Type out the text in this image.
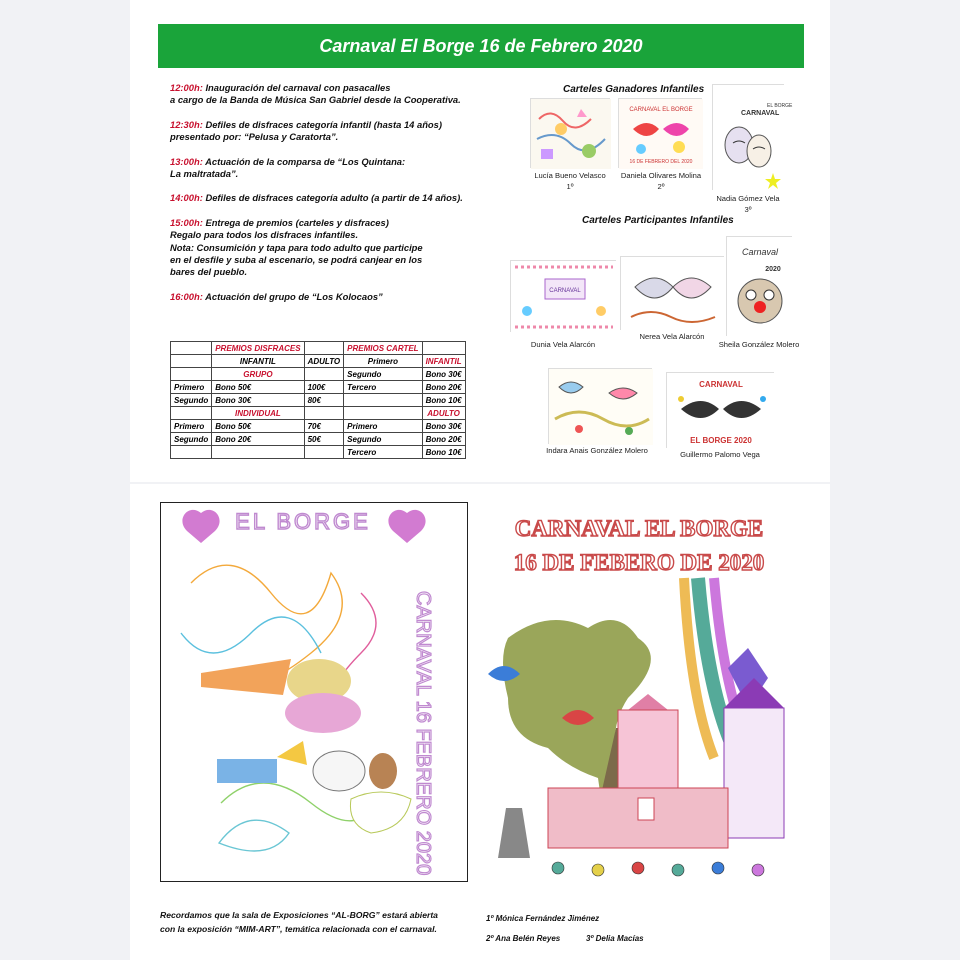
Carnaval El Borge 16 de Febrero 2020
12:00h: Inauguración del carnaval con pasacalles
a cargo de la Banda de Música San Gabriel desde la Cooperativa.
12:30h: Defiles de disfraces categoría infantil (hasta 14 años)
presentado por: “Pelusa y Caratorta”.
13:00h: Actuación de la comparsa de “Los Quintana:
La maltratada”.
14:00h: Defiles de disfraces categoría adulto (a partir de 14 años).
15:00h: Entrega de premios (carteles y disfraces)
Regalo para todos los disfraces infantiles.
Nota: Consumición y tapa para todo adulto que participe
en el desfile y suba al escenario, se podrá canjear en los
bares del pueblo.
16:00h: Actuación del grupo de “Los Kolocaos”
	PREMIOS DISFRACES		PREMIOS CARTEL	
	INFANTIL	ADULTO	Primero	INFANTIL
	GRUPO		Segundo	Bono 30€
Primero	Bono 50€	100€	Tercero	Bono 20€
Segundo	Bono 30€	80€		Bono 10€
	INDIVIDUAL			ADULTO
Primero	Bono 50€	70€	Primero	Bono 30€
Segundo	Bono 20€	50€	Segundo	Bono 20€
			Tercero	Bono 10€
Carteles Ganadores Infantiles
CARNAVAL EL BORGE
16 DE FEBRERO DEL 2020
CARNAVAL
EL BORGE
Lucía Bueno Velasco
1º
Daniela Olivares Molina
2º
Nadia Gómez Vela
3º
Carteles Participantes Infantiles
CARNAVAL
Carnaval
2020
Dunia Vela Alarcón
Nerea Vela Alarcón
Sheila González Molero
CARNAVAL
EL BORGE 2020
Indara Anais González Molero	Guillermo Palomo Vega
EL BORGE
CARNAVAL 16 FEBRERO 2020
CARNAVAL EL BORGE
16 DE FEBERO DE 2020
Recordamos que la sala de Exposiciones “AL-BORG” estará abierta
con la exposición “MIM-ART”, temática relacionada con el carnaval.
1º Mónica Fernández Jiménez
2º Ana Belén Reyes	3º Delia Macías
